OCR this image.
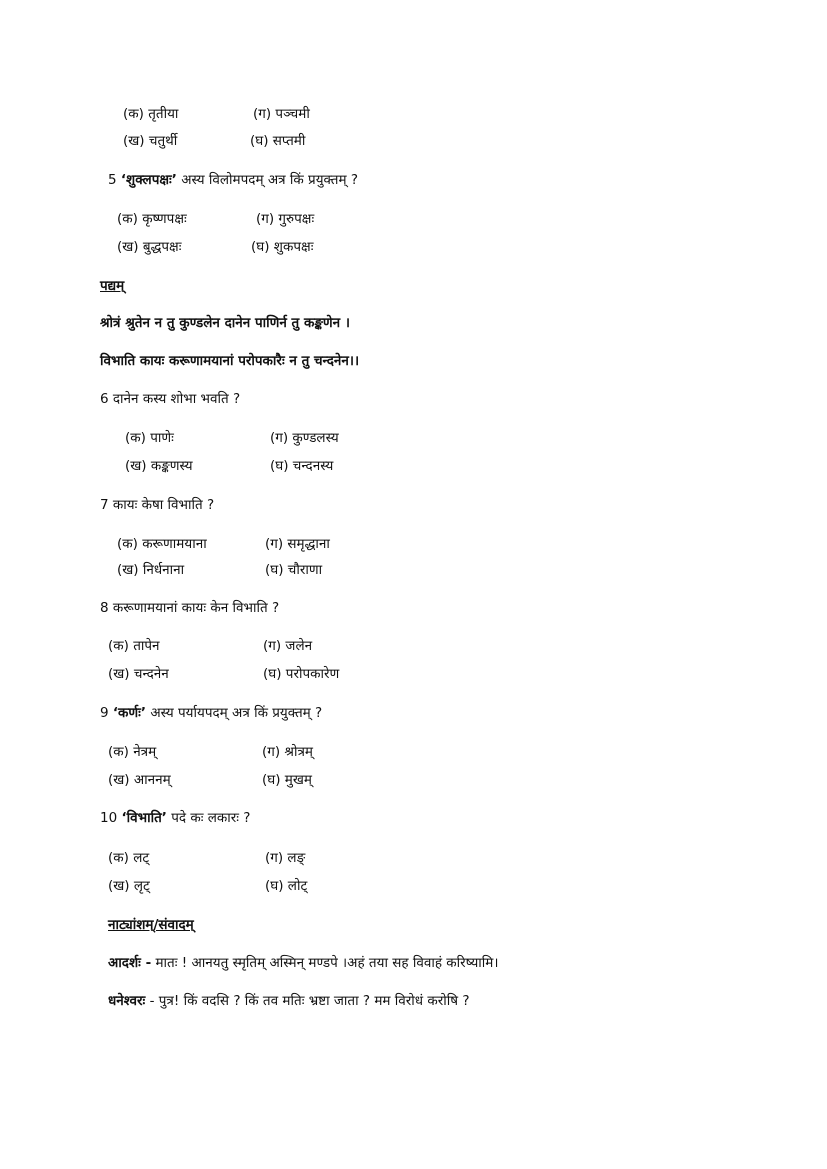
(क) तृतीया	(ग) पञ्चमी
(ख) चतुर्थी	(घ) सप्तमी
5 ‘शुक्लपक्षः’ अस्य विलोमपदम् अत्र किं प्रयुक्तम् ?
(क) कृष्णपक्षः	(ग) गुरुपक्षः
(ख) बुद्धपक्षः	(घ) शुकपक्षः
पद्यम्
श्रोत्रं श्रुतेन न तु कुण्डलेन दानेन पाणिर्न तु कङ्कणेन ।
विभाति कायः करूणामयानां परोपकारैः न तु चन्दनेन।।
6 दानेन कस्य शोभा भवति ?
(क) पाणेः	(ग) कुण्डलस्य
(ख) कङ्कणस्य	(घ) चन्दनस्य
7 कायः केषा विभाति ?
(क) करूणामयाना	(ग) समृद्धाना
(ख) निर्धनाना	(घ) चौराणा
8 करूणामयानां कायः केन विभाति ?
(क) तापेन	(ग) जलेन
(ख) चन्दनेन	(घ) परोपकारेण
9 ‘कर्णः’ अस्य पर्यायपदम् अत्र किं प्रयुक्तम् ?
(क) नेत्रम्	(ग) श्रोत्रम्
(ख) आननम्	(घ) मुखम्
10 ‘विभाति’ पदे कः लकारः ?
(क) लट्	(ग) लङ्
(ख) लृट्	(घ) लोट्
नाट्यांशम्/संवादम्
आदर्शः - मातः ! आनयतु स्मृतिम् अस्मिन् मण्डपे ।अहं तया सह विवाहं करिष्यामि।
धनेश्वरः - पुत्र! किं वदसि ? किं तव मतिः भ्रष्टा जाता ? मम विरोधं करोषि ?
